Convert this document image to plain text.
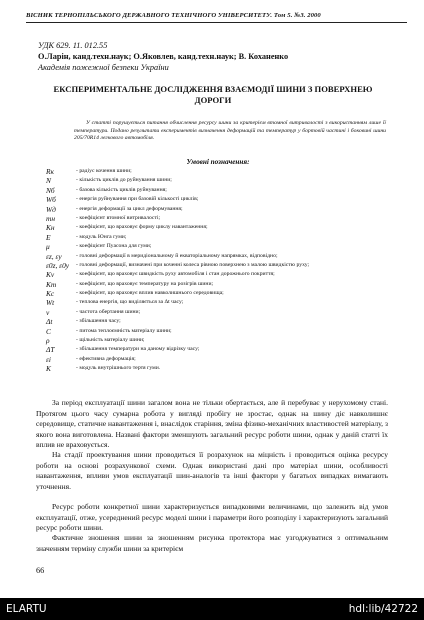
ВІСНИК ТЕРНОПІЛЬСЬКОГО ДЕРЖАВНОГО ТЕХНІЧНОГО УНІВЕРСИТЕТУ. Том 5. №3. 2000
УДК 629. 11. 012.55
О.Ларін, канд.техн.наук; О.Яковлев, канд.техн.наук; В. Коханенко
Академія пожежної безпеки України
ЕКСПЕРИМЕНТАЛЬНЕ ДОСЛІДЖЕННЯ ВЗАЄМОДІЇ ШИНИ З ПОВЕРХНЕЮ ДОРОГИ
У статті порушується питання обчислення ресурсу шини за критерієм втомної витривалості з використанням лише її температури. Подано результати експериментів визначення деформацій та температур у бортовій частині і боковині шини 205/70R14 легкового автомобіля.
Умовні позначення:
Rк	- радіус кочення шини;
N	- кількість циклів до руйнування шини;
Nб	- базова кількість циклів руйнування;
Wб	- енергія руйнування при базовій кількості циклів;
Wд	- енергія деформації за цикл деформування;
mн	- коефіцієнт втомної витривалості;
Kн	- коефіцієнт, що враховує форму циклу навантаження;
E	- модуль Юнга гуми;
μ	- коефіцієнт Пуасона для гуми;
εz, εy	- головні деформації в меридіональному й екваторіальному напрямках, відповідно;
ε0z, ε0y	- головні деформації, визначені при коченні колеса рівною поверхнею з малою швидкістю руху;
Kv	- коефіцієнт, що враховує швидкість руху автомобіля і стан дорожнього покриття;
Km	- коефіцієнт, що враховує температуру на розігрів шини;
Kc	- коефіцієнт, що враховує вплив навколишнього середовища;
Wt	- теплова енергія, що виділяється за Δt часу;
v	- частота обертання шини;
Δt	- збільшення часу;
C	- питома теплоємність матеріалу шини;
ρ	- щільність матеріалу шини;
ΔT	- збільшення температури на даному відрізку часу;
εi	- ефективна деформація;
K	- модуль внутрішнього тертя гуми.

За період експлуатації шини загалом вона не тільки обертається, але й перебуває у нерухомому стані. Протягом цього часу сумарна робота у вигляді пробігу не зростає, однак на шину діє навколишнє середовище, статичне навантаження і, внаслідок старіння, зміна фізико-механічних властивостей матеріалу, з якого вона виготовлена. Названі фактори зменшують загальний ресурс роботи шини, однак у даній статті їх вплив не враховується.

На стадії проектування шини проводиться її розрахунок на міцність і проводиться оцінка ресурсу роботи на основі розрахункової схеми. Однак використані дані про матеріал шини, особливості навантаження, впливи умов експлуатації шин-аналогів та інші фактори у багатьох випадках вимагають уточнення.

Ресурс роботи конкретної шини характеризується випадковими величинами, що залежить від умов експлуатації, отже, усереднений ресурс моделі шини і параметри його розподілу і характеризують загальний ресурс роботи шини.

Фактичне зношення шини за зношенням рисунка протектора має узгоджуватися з оптимальним значенням терміну служби шини за критерієм

66
ELARTU	hdl:lib/42722
